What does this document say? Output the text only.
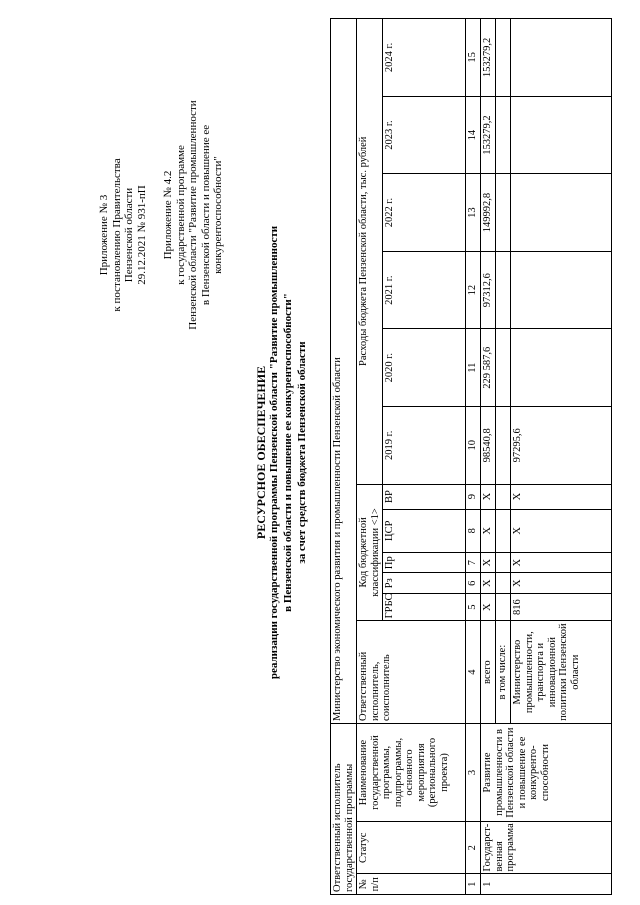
Приложение № 3 к постановлению Правительства Пензенской области 29.12.2021 № 931-пП Приложение № 4.2 к государственной программе Пензенской области "Развитие промышленности в Пензенской области и повышение ее конкурентоспособности"
РЕСУРСНОЕ ОБЕСПЕЧЕНИЕ реализации государственной программы Пензенской области "Развитие промышленности в Пензенской области и повышение ее конкурентоспособности" за счет средств бюджета Пензенской области
Ответственный исполнитель государственной программы			Министерство экономического развития и промышленности Пензенской области											
№ п/п	Статус	Наименование государственной программы, подпрограммы, основного мероприятия (регионального проекта)	Ответственный исполнитель, соисполнитель	Код бюджетной классификации <1>					Расходы бюджета Пензенской области, тыс. рублей					
				ГРБС	Рз	Пр	ЦСР	ВР	2019 г.	2020 г.	2021 г.	2022 г.	2023 г.	2024 г.
1	2	3	4	5	6	7	8	9	10	11	12	13	14	15
1	Государст-венная программа	Развитие промышленности в Пензенской области и повышение ее конкуренто-способности	всего	X	X	X	X	X	98540,8	229 587,6	97312,6	149992,8	153279,2	153279,2
			в том числе:											
			Министерство промышленности, транспорта и инновационной политики Пензенской области	816	X	X	X	X	97295,6					
